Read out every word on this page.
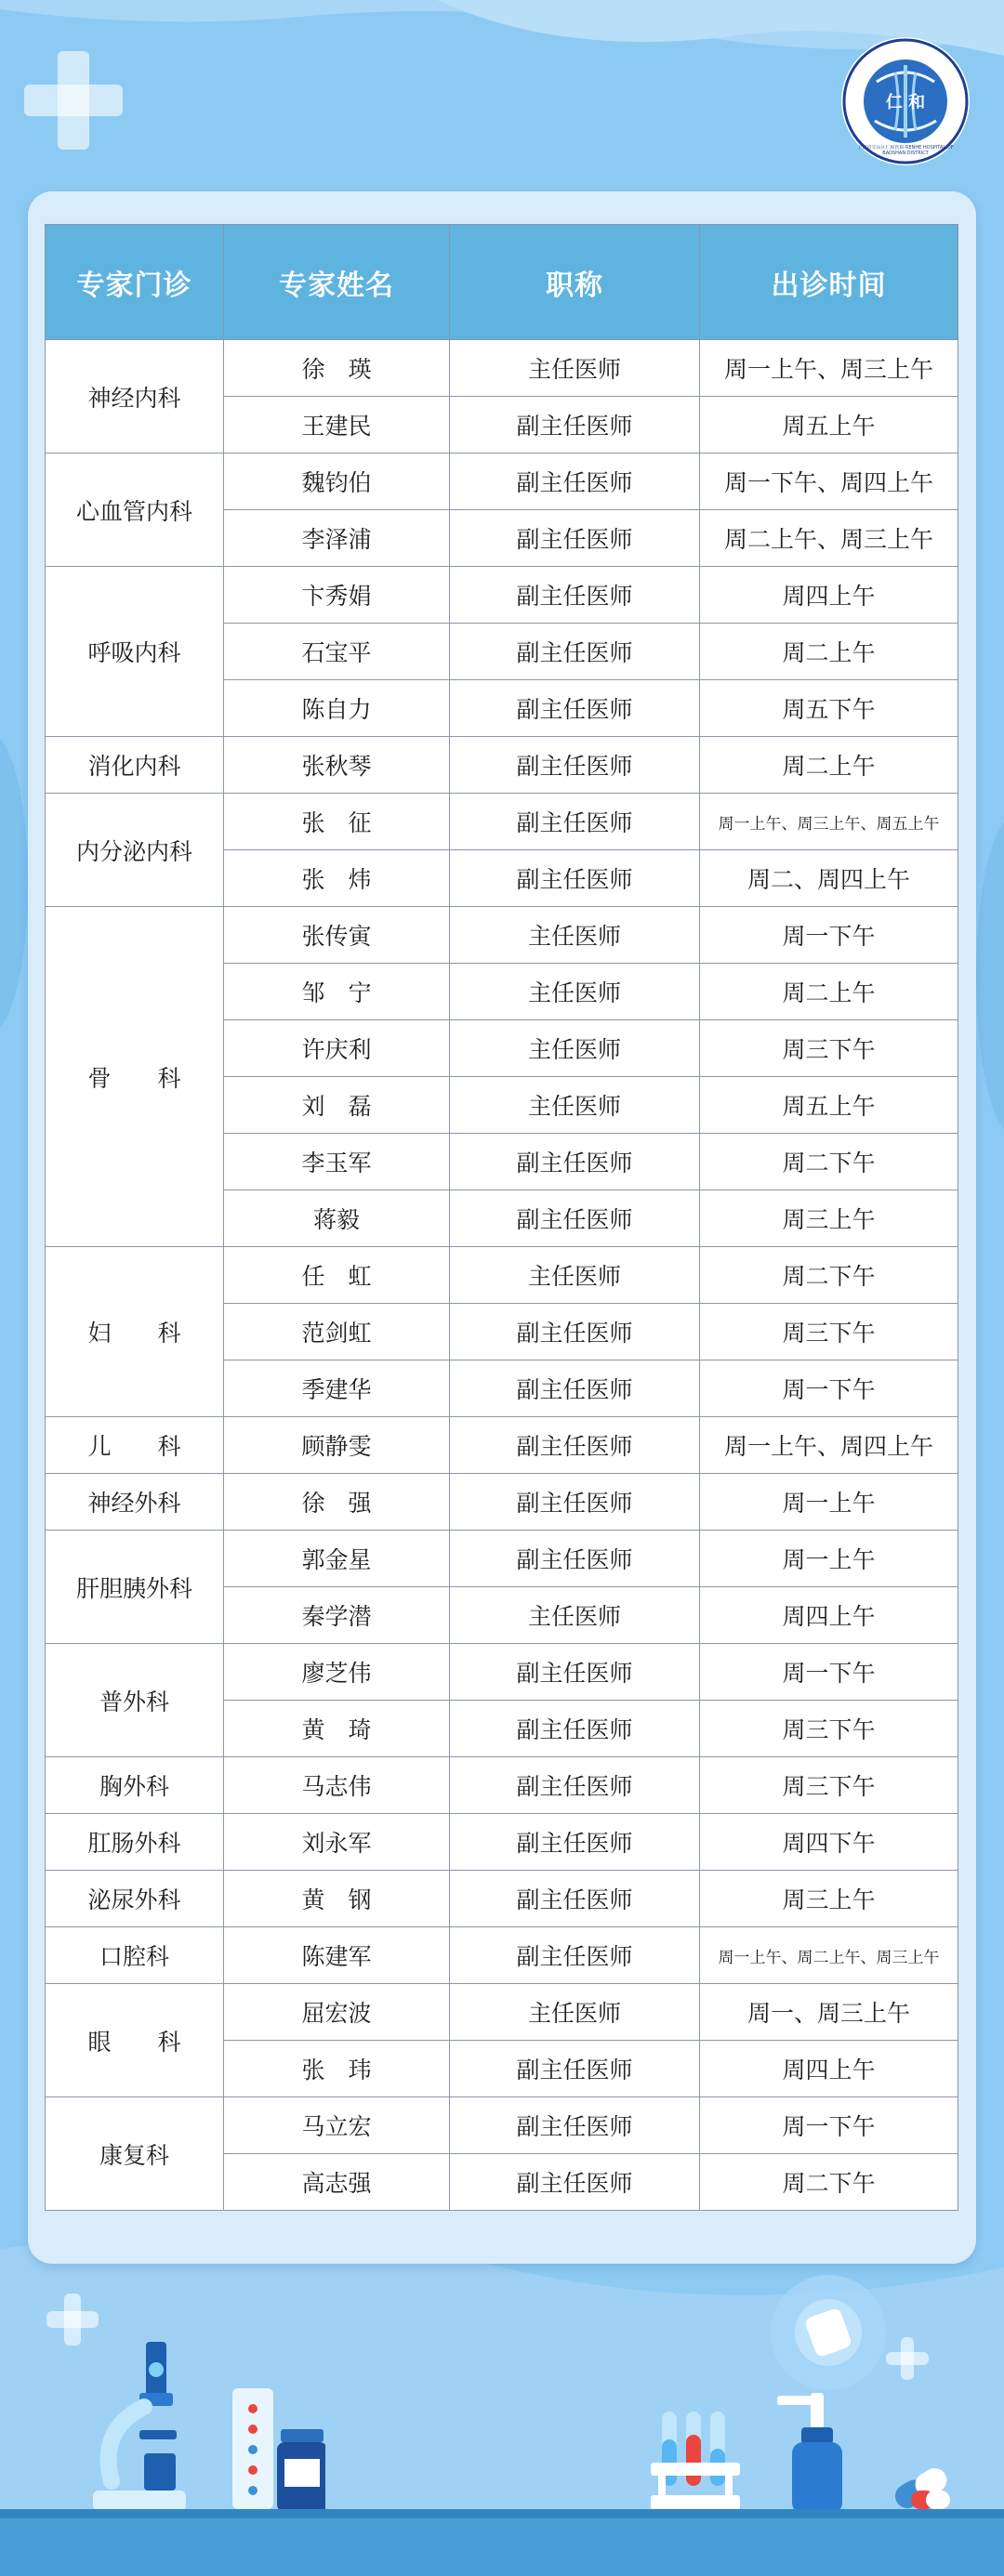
仁 和
上海市宝山区仁和医院 RENHE HOSPITAL OF BAOSHAN DISTRICT
专家门诊	专家姓名	职称	出诊时间
神经内科	徐　瑛	主任医师	周一上午、周三上午
	王建民	副主任医师	周五上午
心血管内科	魏钧伯	副主任医师	周一下午、周四上午
	李泽浦	副主任医师	周二上午、周三上午
呼吸内科	卞秀娟	副主任医师	周四上午
	石宝平	副主任医师	周二上午
	陈自力	副主任医师	周五下午
消化内科	张秋琴	副主任医师	周二上午
内分泌内科	张　征	副主任医师	周一上午、周三上午、周五上午
	张　炜	副主任医师	周二、周四上午
骨　　科	张传寅	主任医师	周一下午
	邹　宁	主任医师	周二上午
	许庆利	主任医师	周三下午
	刘　磊	主任医师	周五上午
	李玉军	副主任医师	周二下午
	蒋毅	副主任医师	周三上午
妇　　科	任　虹	主任医师	周二下午
	范剑虹	副主任医师	周三下午
	季建华	副主任医师	周一下午
儿　　科	顾静雯	副主任医师	周一上午、周四上午
神经外科	徐　强	副主任医师	周一上午
肝胆胰外科	郭金星	副主任医师	周一上午
	秦学潜	主任医师	周四上午
普外科	廖芝伟	副主任医师	周一下午
	黄　琦	副主任医师	周三下午
胸外科	马志伟	副主任医师	周三下午
肛肠外科	刘永军	副主任医师	周四下午
泌尿外科	黄　钢	副主任医师	周三上午
口腔科	陈建军	副主任医师	周一上午、周二上午、周三上午
眼　　科	屈宏波	主任医师	周一、周三上午
	张　玮	副主任医师	周四上午
康复科	马立宏	副主任医师	周一下午
	高志强	副主任医师	周二下午
